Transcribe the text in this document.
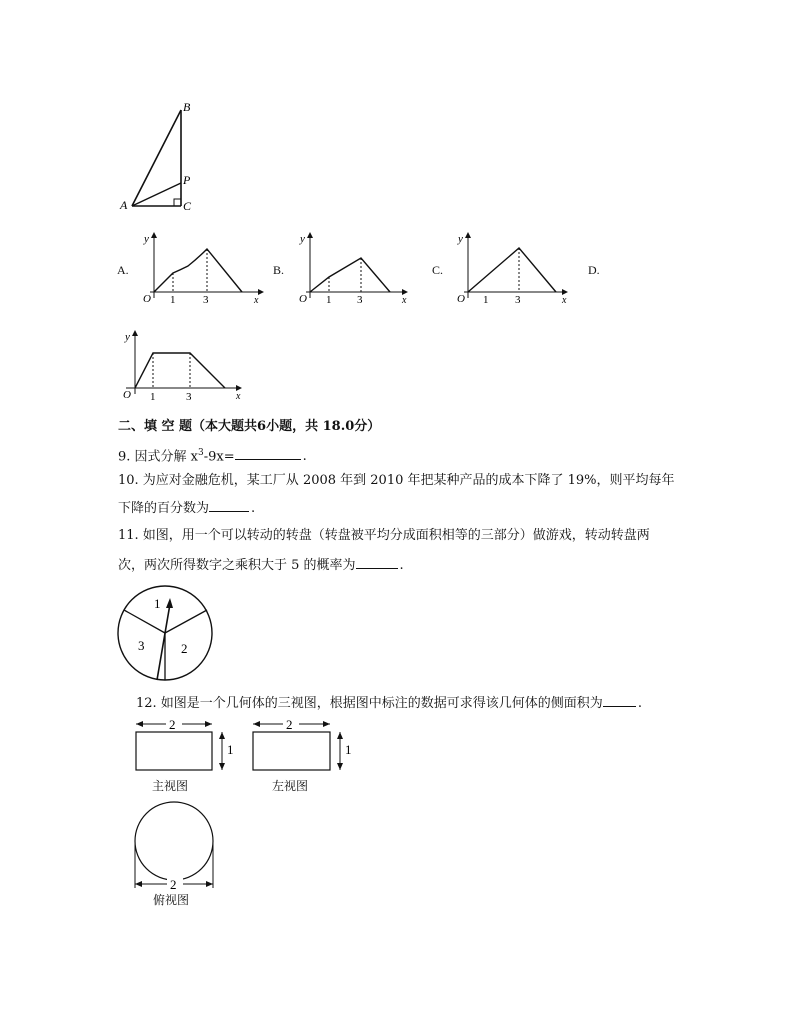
B
P
A	C
A.	B.	C.	D.
y
x
O 1	3
y
x
O 1 3
y
x
O 1 3
y
x
O 1	3
二、填 空 题（本大题共6小题，共 18.0分）
9. 因式分解 $x^3-9x=$	.
10. 为应对金融危机，某工厂从 2008 年到 2010 年把某种产品的成本下降了 19%，则平均每年
下降的百分数为	.
11. 如图，用一个可以转动的转盘（转盘被平均分成面积相等的三部分）做游戏，转动转盘两
次，两次所得数字之乘积大于 5 的概率为	.
1
3	2
12. 如图是一个几何体的三视图，根据图中标注的数据可求得该几何体的侧面积为	.
2
1
2
1
2
主视图	左视图
俯视图
